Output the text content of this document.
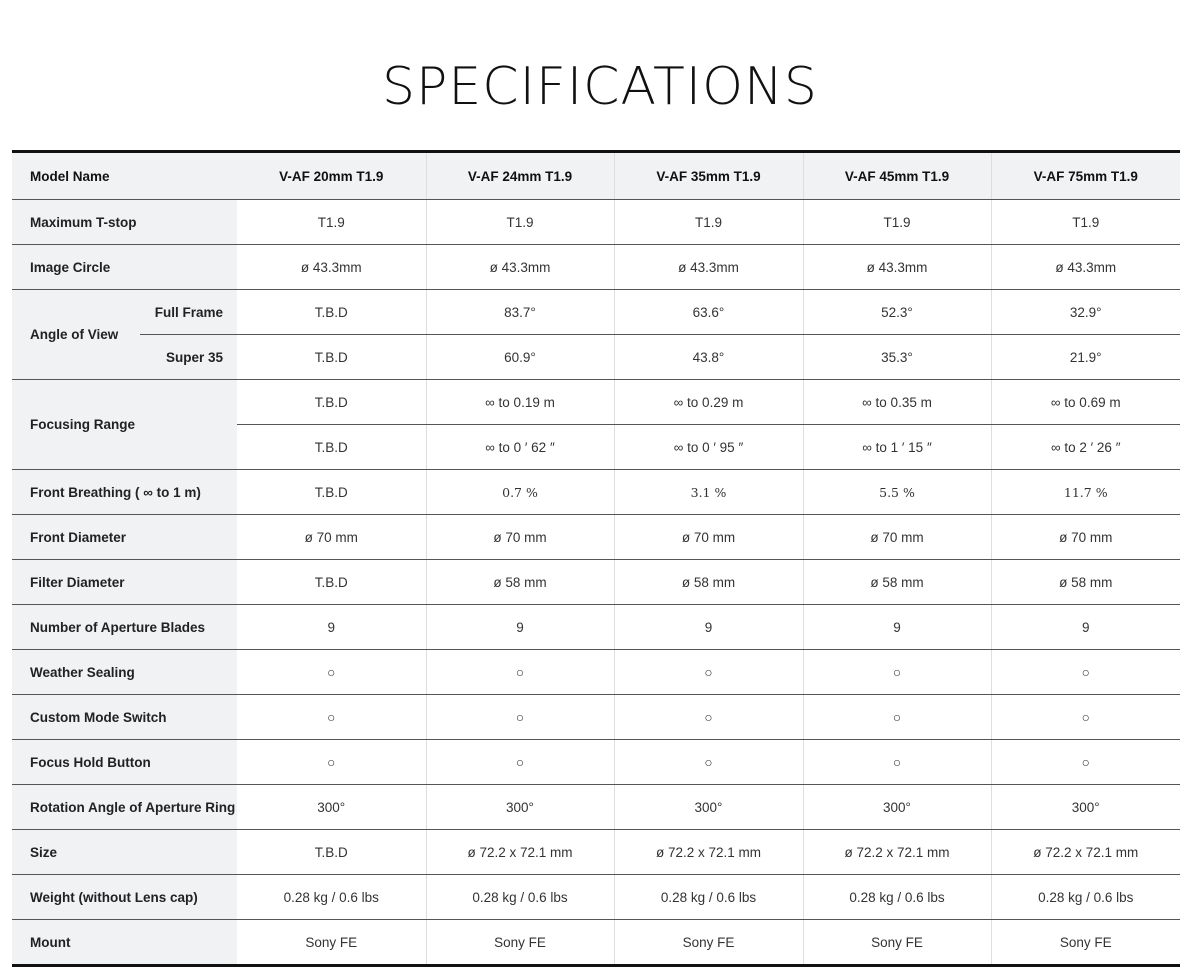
SPECIFICATIONS
Model Name		V-AF 20mm T1.9	V-AF 24mm T1.9	V-AF 35mm T1.9	V-AF 45mm T1.9	V-AF 75mm T1.9
Maximum T-stop		T1.9	T1.9	T1.9	T1.9	T1.9
Image Circle		ø 43.3mm	ø 43.3mm	ø 43.3mm	ø 43.3mm	ø 43.3mm
Angle of View	Full Frame	T.B.D	83.7°	63.6°	52.3°	32.9°
	Super 35	T.B.D	60.9°	43.8°	35.3°	21.9°
Focusing Range		T.B.D	∞ to 0.19 m	∞ to 0.29 m	∞ to 0.35 m	∞ to 0.69 m
		T.B.D	∞ to 0 ′ 62 ″	∞ to 0 ′ 95 ″	∞ to 1 ′ 15 ″	∞ to 2 ′ 26 ″
Front Breathing ( ∞ to 1 m)		T.B.D	0.7 %	3.1 %	5.5 %	11.7 %
Front Diameter		ø 70 mm	ø 70 mm	ø 70 mm	ø 70 mm	ø 70 mm
Filter Diameter		T.B.D	ø 58 mm	ø 58 mm	ø 58 mm	ø 58 mm
Number of Aperture Blades		9	9	9	9	9
Weather Sealing		○	○	○	○	○
Custom Mode Switch		○	○	○	○	○
Focus Hold Button		○	○	○	○	○
Rotation Angle of Aperture Ring		300°	300°	300°	300°	300°
Size		T.B.D	ø 72.2 x 72.1 mm	ø 72.2 x 72.1 mm	ø 72.2 x 72.1 mm	ø 72.2 x 72.1 mm
Weight (without Lens cap)		0.28 kg / 0.6 lbs	0.28 kg / 0.6 lbs	0.28 kg / 0.6 lbs	0.28 kg / 0.6 lbs	0.28 kg / 0.6 lbs
Mount		Sony FE	Sony FE	Sony FE	Sony FE	Sony FE
